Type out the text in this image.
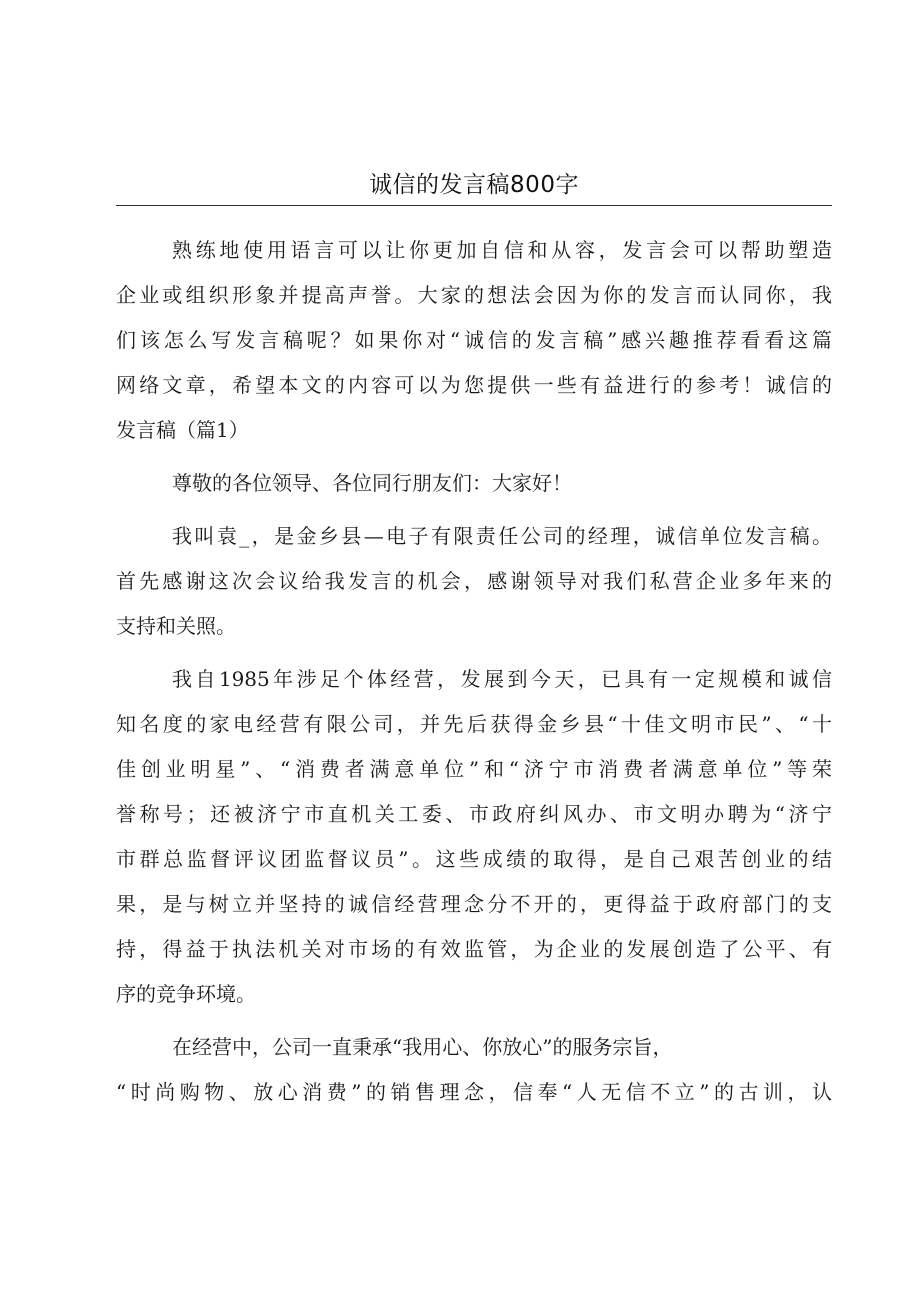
诚信的发言稿800字
熟练地使用语言可以让你更加自信和从容，发言会可以帮助塑造
企业或组织形象并提高声誉。大家的想法会因为你的发言而认同你，我
们该怎么写发言稿呢？如果你对“诚信的发言稿”感兴趣推荐看看这篇
网络文章，希望本文的内容可以为您提供一些有益进行的参考！诚信的
发言稿（篇1）
尊敬的各位领导、各位同行朋友们：大家好！
我叫袁_，是金乡县—电子有限责任公司的经理，诚信单位发言稿。
首先感谢这次会议给我发言的机会，感谢领导对我们私营企业多年来的
支持和关照。
我自1985年涉足个体经营，发展到今天，已具有一定规模和诚信
知名度的家电经营有限公司，并先后获得金乡县“十佳文明市民”、“十
佳创业明星”、“消费者满意单位”和“济宁市消费者满意单位”等荣
誉称号；还被济宁市直机关工委、市政府纠风办、市文明办聘为“济宁
市群总监督评议团监督议员”。这些成绩的取得，是自己艰苦创业的结
果，是与树立并坚持的诚信经营理念分不开的，更得益于政府部门的支
持，得益于执法机关对市场的有效监管，为企业的发展创造了公平、有
序的竞争环境。
在经营中，公司一直秉承“我用心、你放心”的服务宗旨，
“时尚购物、放心消费”的销售理念，信奉“人无信不立”的古训，认
